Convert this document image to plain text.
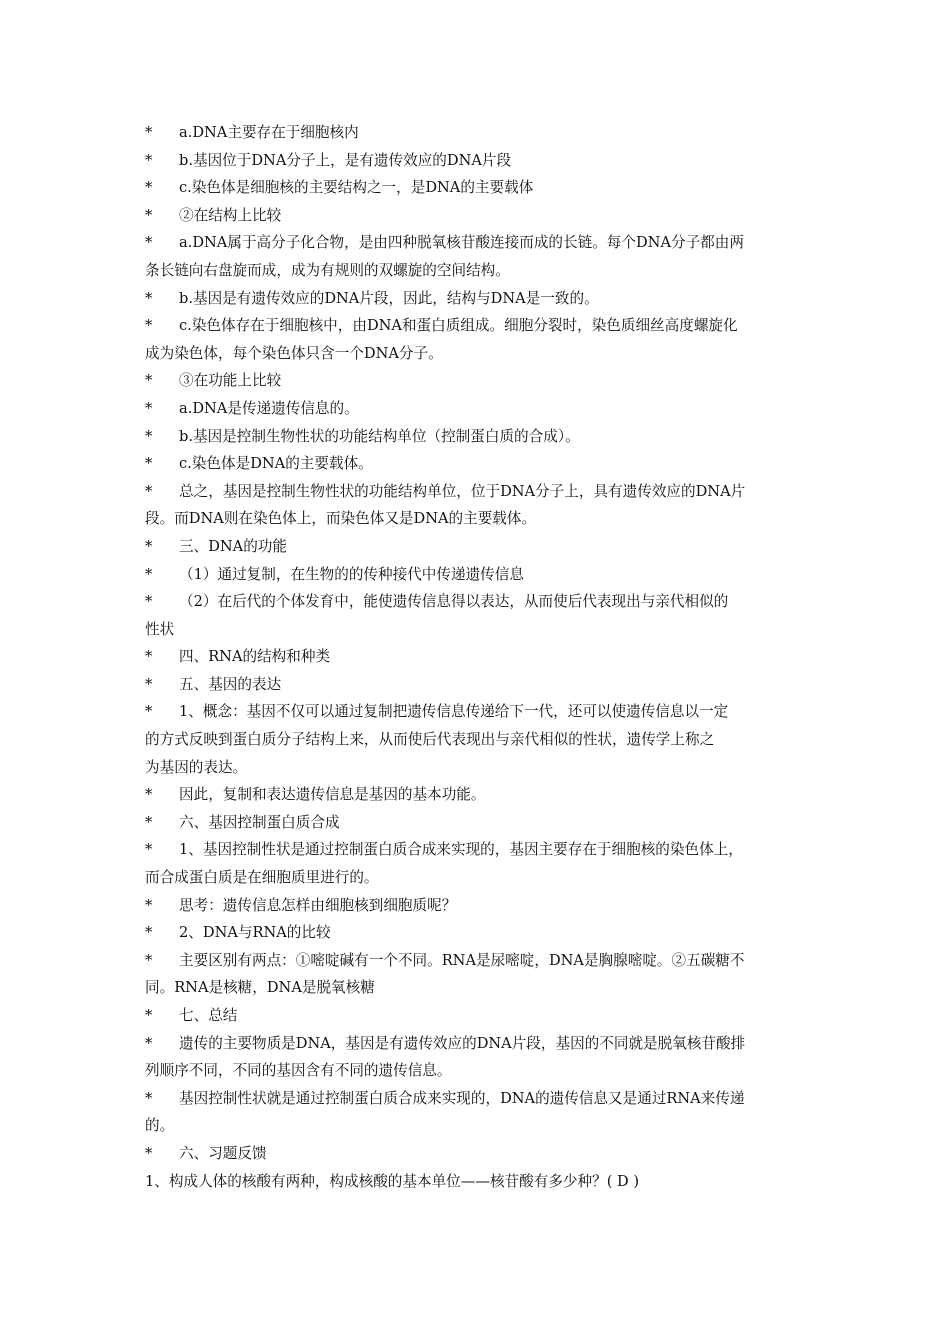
* a.DNA主要存在于细胞核内
* b.基因位于DNA分子上，是有遗传效应的DNA片段
* c.染色体是细胞核的主要结构之一，是DNA的主要载体
* ②在结构上比较
* a.DNA属于高分子化合物，是由四种脱氧核苷酸连接而成的长链。每个DNA分子都由两
条长链向右盘旋而成，成为有规则的双螺旋的空间结构。
* b.基因是有遗传效应的DNA片段，因此，结构与DNA是一致的。
* c.染色体存在于细胞核中，由DNA和蛋白质组成。细胞分裂时，染色质细丝高度螺旋化
成为染色体，每个染色体只含一个DNA分子。
* ③在功能上比较
* a.DNA是传递遗传信息的。
* b.基因是控制生物性状的功能结构单位（控制蛋白质的合成）。
* c.染色体是DNA的主要载体。
* 总之，基因是控制生物性状的功能结构单位，位于DNA分子上，具有遗传效应的DNA片
段。而DNA则在染色体上，而染色体又是DNA的主要载体。
* 三、DNA的功能
* （1）通过复制，在生物的的传种接代中传递遗传信息
* （2）在后代的个体发育中，能使遗传信息得以表达，从而使后代表现出与亲代相似的
性状
* 四、RNA的结构和种类
* 五、基因的表达
* 1、概念：基因不仅可以通过复制把遗传信息传递给下一代，还可以使遗传信息以一定
的方式反映到蛋白质分子结构上来，从而使后代表现出与亲代相似的性状，遗传学上称之
为基因的表达。
* 因此，复制和表达遗传信息是基因的基本功能。
* 六、基因控制蛋白质合成
* 1、基因控制性状是通过控制蛋白质合成来实现的，基因主要存在于细胞核的染色体上，
而合成蛋白质是在细胞质里进行的。
* 思考：遗传信息怎样由细胞核到细胞质呢？
* 2、DNA与RNA的比较
* 主要区别有两点：①嘧啶碱有一个不同。RNA是尿嘧啶，DNA是胸腺嘧啶。②五碳糖不
同。RNA是核糖，DNA是脱氧核糖
* 七、总结
* 遗传的主要物质是DNA，基因是有遗传效应的DNA片段，基因的不同就是脱氧核苷酸排
列顺序不同，不同的基因含有不同的遗传信息。
* 基因控制性状就是通过控制蛋白质合成来实现的，DNA的遗传信息又是通过RNA来传递
的。
* 六、习题反馈
1、构成人体的核酸有两种，构成核酸的基本单位——核苷酸有多少种？( D )
